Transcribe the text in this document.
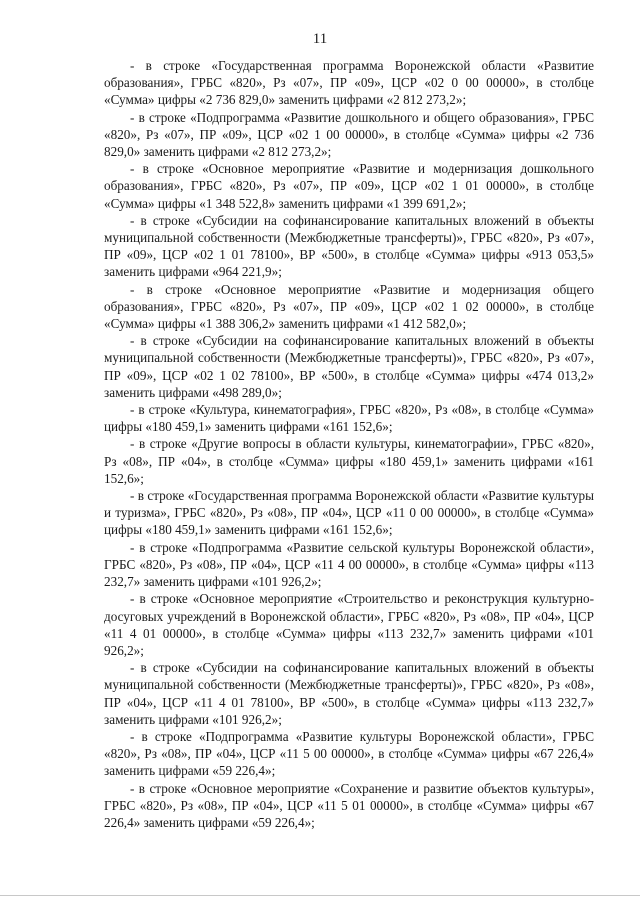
11

- в строке «Государственная программа Воронежской области «Развитие образования», ГРБС «820», Рз «07», ПР «09», ЦСР «02 0 00 00000», в столбце «Сумма» цифры «2 736 829,0» заменить цифрами «2 812 273,2»;

- в строке «Подпрограмма «Развитие дошкольного и общего образования», ГРБС «820», Рз «07», ПР «09», ЦСР «02 1 00 00000», в столбце «Сумма» цифры «2 736 829,0» заменить цифрами «2 812 273,2»;

- в строке «Основное мероприятие «Развитие и модернизация дошкольного образования», ГРБС «820», Рз «07», ПР «09», ЦСР «02 1 01 00000», в столбце «Сумма» цифры «1 348 522,8» заменить цифрами «1 399 691,2»;

- в строке «Субсидии на софинансирование капитальных вложений в объекты муниципальной собственности (Межбюджетные трансферты)», ГРБС «820», Рз «07», ПР «09», ЦСР «02 1 01 78100», ВР «500», в столбце «Сумма» цифры «913 053,5» заменить цифрами «964 221,9»;

- в строке «Основное мероприятие «Развитие и модернизация общего образования», ГРБС «820», Рз «07», ПР «09», ЦСР «02 1 02 00000», в столбце «Сумма» цифры «1 388 306,2» заменить цифрами «1 412 582,0»;

- в строке «Субсидии на софинансирование капитальных вложений в объекты муниципальной собственности (Межбюджетные трансферты)», ГРБС «820», Рз «07», ПР «09», ЦСР «02 1 02 78100», ВР «500», в столбце «Сумма» цифры «474 013,2» заменить цифрами «498 289,0»;

- в строке «Культура, кинематография», ГРБС «820», Рз «08», в столбце «Сумма» цифры «180 459,1» заменить цифрами «161 152,6»;

- в строке «Другие вопросы в области культуры, кинематографии», ГРБС «820», Рз «08», ПР «04», в столбце «Сумма» цифры «180 459,1» заменить цифрами «161 152,6»;

- в строке «Государственная программа Воронежской области «Развитие культуры и туризма», ГРБС «820», Рз «08», ПР «04», ЦСР «11 0 00 00000», в столбце «Сумма» цифры «180 459,1» заменить цифрами «161 152,6»;

- в строке «Подпрограмма «Развитие сельской культуры Воронежской области», ГРБС «820», Рз «08», ПР «04», ЦСР «11 4 00 00000», в столбце «Сумма» цифры «113 232,7» заменить цифрами «101 926,2»;

- в строке «Основное мероприятие «Строительство и реконструкция культурно-досуговых учреждений в Воронежской области», ГРБС «820», Рз «08», ПР «04», ЦСР «11 4 01 00000», в столбце «Сумма» цифры «113 232,7» заменить цифрами «101 926,2»;

- в строке «Субсидии на софинансирование капитальных вложений в объекты муниципальной собственности (Межбюджетные трансферты)», ГРБС «820», Рз «08», ПР «04», ЦСР «11 4 01 78100», ВР «500», в столбце «Сумма» цифры «113 232,7» заменить цифрами «101 926,2»;

- в строке «Подпрограмма «Развитие культуры Воронежской области», ГРБС «820», Рз «08», ПР «04», ЦСР «11 5 00 00000», в столбце «Сумма» цифры «67 226,4» заменить цифрами «59 226,4»;

- в строке «Основное мероприятие «Сохранение и развитие объектов культуры», ГРБС «820», Рз «08», ПР «04», ЦСР «11 5 01 00000», в столбце «Сумма» цифры «67 226,4» заменить цифрами «59 226,4»;
